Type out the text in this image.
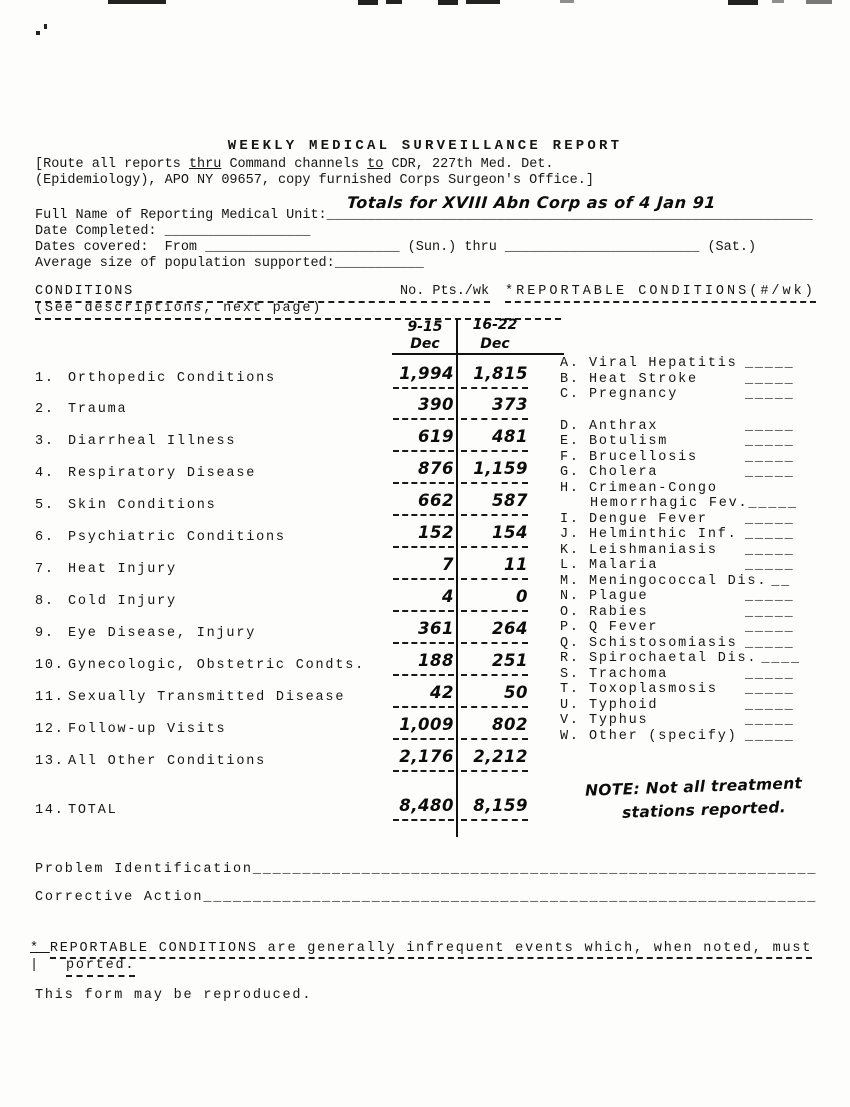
WEEKLY MEDICAL SURVEILLANCE REPORT
[Route all reports thru Command channels to CDR, 227th Med. Det.
(Epidemiology), APO NY 09657, copy furnished Corps Surgeon's Office.]
Full Name of Reporting Medical Unit:____________________________________________________________
Totals for XVIII Abn Corp as of 4 Jan 91
Date Completed: __________________
Dates covered:  From ________________________ (Sun.) thru ________________________ (Sat.)
Average size of population supported:___________
CONDITIONS	No. Pts./wk *REPORTABLE CONDITIONS(#/wk)
(See descriptions, next page)
9-15
Dec
16-22
Dec
1. Orthopedic Conditions	1,994	1,815
2. Trauma	390	373
3. Diarrheal Illness	619	481
4. Respiratory Disease	876	1,159
5. Skin Conditions	662	587
6. Psychiatric Conditions	152	154
7. Heat Injury	7	11
8. Cold Injury	4	0
9. Eye Disease, Injury	361	264
10. Gynecologic, Obstetric Condts.	188	251
11. Sexually Transmitted Disease	42	50
12. Follow-up Visits	1,009	802
13. All Other Conditions	2,176	2,212
14. TOTAL	8,480	8,159
A. Viral Hepatitis _____
B. Heat Stroke	_____
C. Pregnancy	_____
D. Anthrax	_____
E. Botulism	_____
F. Brucellosis	_____
G. Cholera	_____
H. Crimean-Congo
Hemorrhagic Fev._____
I. Dengue Fever	_____
J. Helminthic Inf. _____
K. Leishmaniasis _____
L. Malaria	_____
M. Meningococcal Dis. __
N. Plague	_____
O. Rabies	_____
P. Q Fever	_____
Q. Schistosomiasis _____
R. Spirochaetal Dis. ____
S. Trachoma	_____
T. Toxoplasmosis _____
U. Typhoid	_____
V. Typhus	_____
W. Other (specify) _____
NOTE: Not all treatment
stations reported.
Problem Identification_________________________________________________________
Corrective Action______________________________________________________________
* REPORTABLE CONDITIONS are generally infrequent events which, when noted, must
| ported.
This form may be reproduced.
